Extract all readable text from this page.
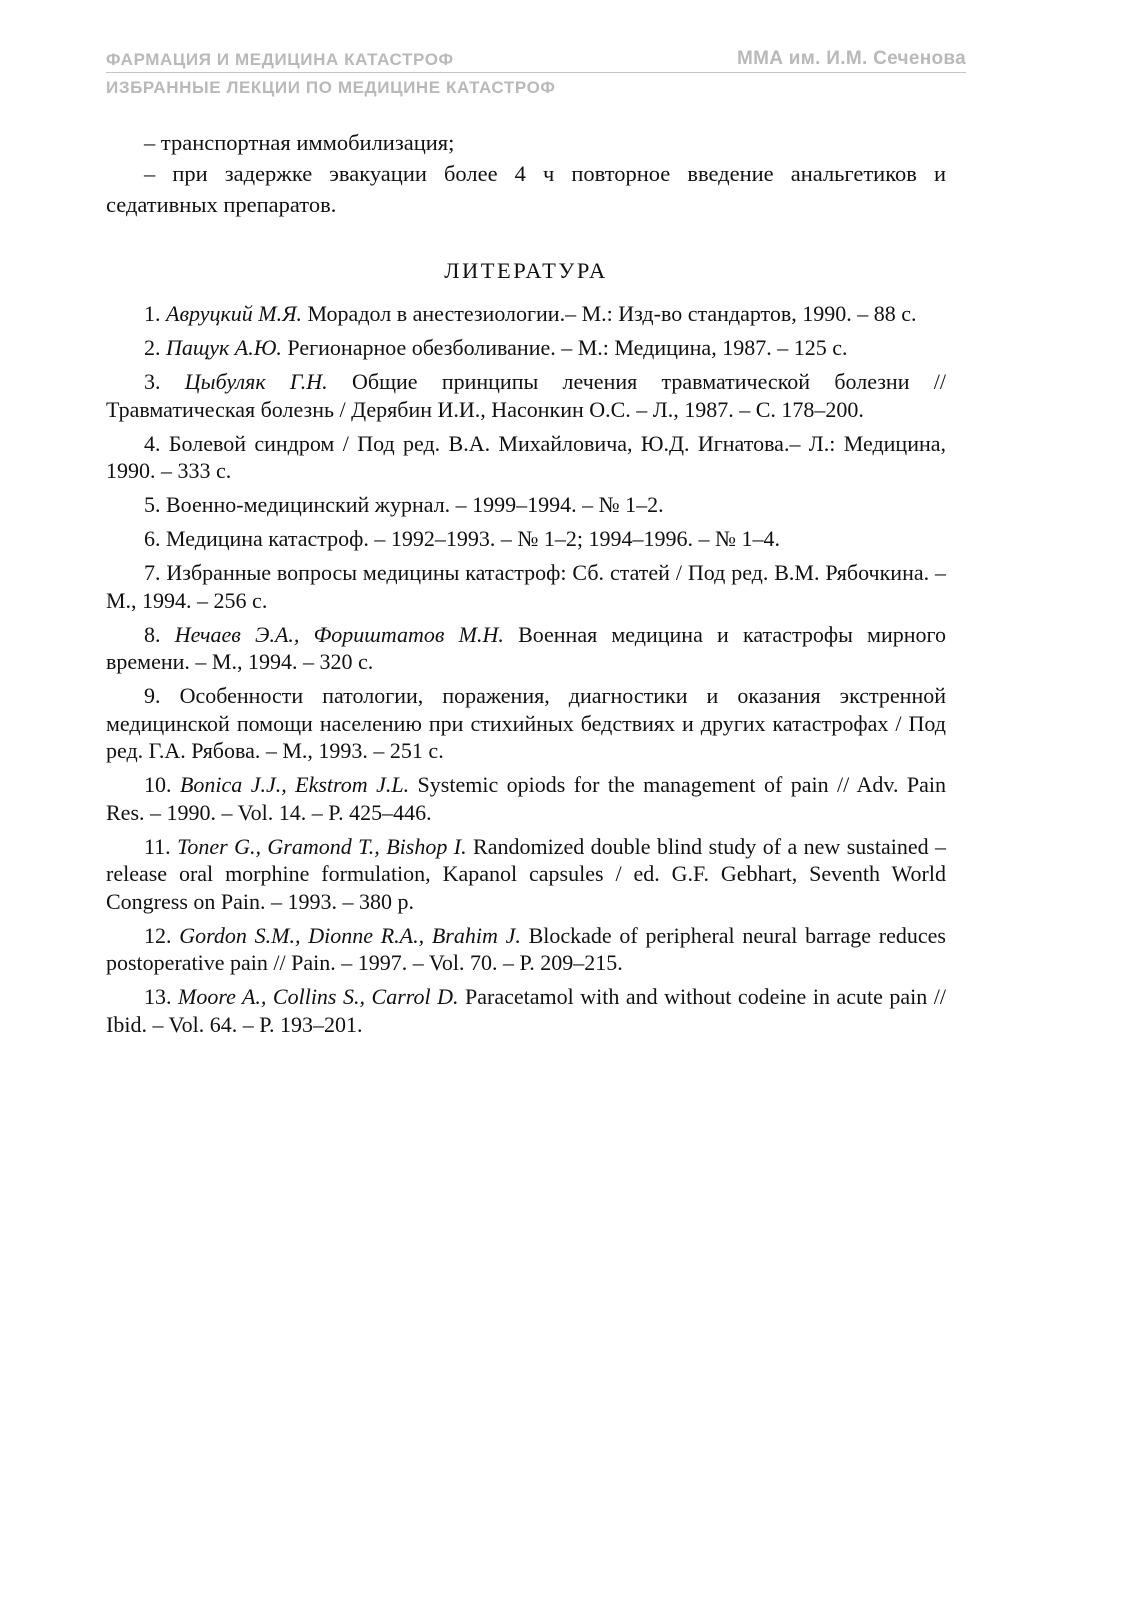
ФАРМАЦИЯ И МЕДИЦИНА КАТАСТРОФ	ММА им. И.М. Сеченова
ИЗБРАННЫЕ ЛЕКЦИИ ПО МЕДИЦИНЕ КАТАСТРОФ

– транспортная иммобилизация;

– при задержке эвакуации более 4 ч повторное введение анальгетиков и седативных препаратов.

ЛИТЕРАТУРА

1. Авруцкий М.Я. Морадол в анестезиологии.– М.: Изд-во стандартов, 1990. – 88 с.

2. Пащук А.Ю. Регионарное обезболивание. – М.: Медицина, 1987. – 125 с.

3. Цыбуляк Г.Н. Общие принципы лечения травматической болезни // Травматическая болезнь / Дерябин И.И., Насонкин О.С. – Л., 1987. – С. 178–200.

4. Болевой синдром / Под ред. В.А. Михайловича, Ю.Д. Игнатова.– Л.: Медицина, 1990. – 333 с.

5. Военно-медицинский журнал. – 1999–1994. – № 1–2.

6. Медицина катастроф. – 1992–1993. – № 1–2; 1994–1996. – № 1–4.

7. Избранные вопросы медицины катастроф: Сб. статей / Под ред. В.М. Рябочкина. – М., 1994. – 256 с.

8. Нечаев Э.А., Фориштатов М.Н. Военная медицина и катастрофы мирного времени. – М., 1994. – 320 с.

9. Особенности патологии, поражения, диагностики и оказания экстренной медицинской помощи населению при стихийных бедствиях и других катастрофах / Под ред. Г.А. Рябова. – М., 1993. – 251 с.

10. Bonica J.J., Ekstrom J.L. Systemic opiods for the management of pain // Adv. Pain Res. – 1990. – Vol. 14. – P. 425–446.

11. Toner G., Gramond T., Bishop I. Randomized double blind study of a new sustained – release oral morphine formulation, Kapanol capsules / ed. G.F. Gebhart, Seventh World Congress on Pain. – 1993. – 380 p.

12. Gordon S.M., Dionne R.A., Brahim J. Blockade of peripheral neural barrage reduces postoperative pain // Pain. – 1997. – Vol. 70. – P. 209–215.

13. Moore A., Collins S., Carrol D. Paracetamol with and without codeine in acute pain // Ibid. – Vol. 64. – P. 193–201.
